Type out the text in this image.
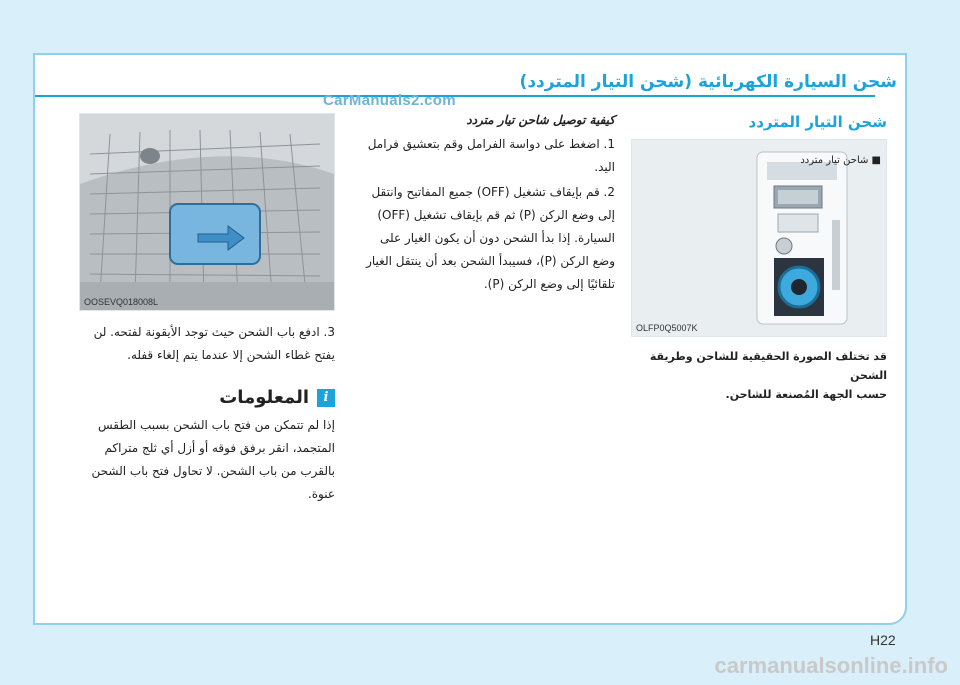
شحن السيارة الكهربائية (شحن التيار المتردد)
شحن التيار المتردد
OLFP0Q5007K
■ شاحن تيار متردد
قد تختلف الصورة الحقيقية للشاحن وطريقة الشحن
حسب الجهة المُصنعة للشاحن.
كيفية توصيل شاحن تيار متردد
1. اضغط على دواسة الفرامل وقم بتعشيق فرامل اليد.
2. قم بإيقاف تشغيل (OFF) جميع المفاتيح وانتقل إلى وضع الركن (P) ثم قم بإيقاف تشغيل (OFF) السيارة. إذا بدأ الشحن دون أن يكون الغيار على وضع الركن (P)، فسيبدأ الشحن بعد أن ينتقل الغيار تلقائيًا إلى وضع الركن (P).
OOSEVQ018008L

3. ادفع باب الشحن حيث توجد الأيقونة لفتحه. لن يفتح غطاء الشحن إلا عندما يتم إلغاء قفله.

i
المعلومات

إذا لم تتمكن من فتح باب الشحن بسبب الطقس المتجمد، انقر برفق فوقه أو أزل أي ثلج متراكم بالقرب من باب الشحن. لا تحاول فتح باب الشحن عنوة.

CarManuals2.com
H22
carmanualsonline.info
